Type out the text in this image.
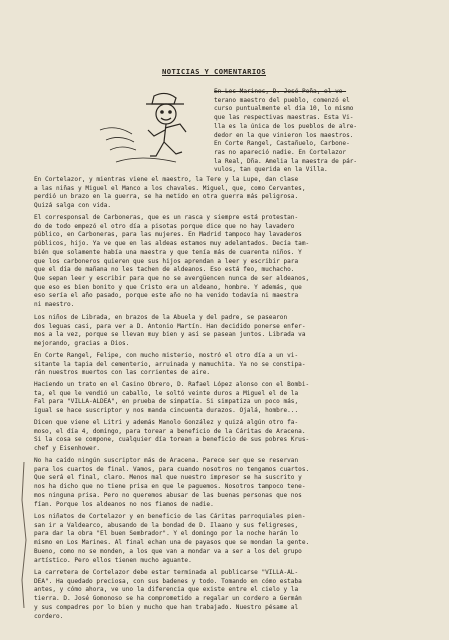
NOTICIAS Y COMENTARIOS
En Los Marines, D. José Peña, el ve-
terano maestro del pueblo, comenzó el
curso puntualmente el día 10, lo mismo
que las respectivas maestras. Esta Vi-
lla es la única de los pueblos de alre-
dedor en la que vinieron los maestros.
En Corte Rangel, Castañuelo, Carbone-
ras no apareció nadie. En Cortelazor
la Real, Dña. Amelia la maestra de pár-
vulos, tan querida en la Villa.
En Cortelazor, y mientras viene el maestro, la Tere y la Lupe, dan clase
a las niñas y Miguel el Manco a los chavales. Miguel, que, como Cervantes,
perdió un brazo en la guerra, se ha metido en otra guerra más peligrosa.
Quizá salga con vida.
El corresponsal de Carboneras, que es un rasca y siempre está protestan-
do de todo empezó el otro día a pisotas porque dice que no hay lavadero
público, en Carboneras, para las mujeres. En Madrid tampoco hay lavaderos
públicos, hijo. Ya ve que en las aldeas estamos muy adelantados. Decía tam-
bién que solamente había una maestra y que tenía más de cuarenta niños. Y
que los carboneros quieren que sus hijos aprendan a leer y escribir para
que el día de mañana no les tachen de aldeanos. Eso está feo, muchacho.
Que sepan leer y escribir para que no se avergüencen nunca de ser aldeanos,
que eso es bien bonito y que Cristo era un aldeano, hombre. Y además, que
eso sería el año pasado, porque este año no ha venido todavía ni maestra
ni maestro.
Los niños de Librada, en brazos de la Abuela y del padre, se pasearon
dos leguas casi, para ver a D. Antonio Martín. Han decidido ponerse enfer-
mos a la vez, porque se llevan muy bien y así se pasean juntos. Librada va
mejorando, gracias a Dios.
En Corte Rangel, Felipe, con mucho misterio, mostró el otro día a un vi-
sitante la tapia del cementerio, arruinada y mamuchita. Ya no se constipa-
rán nuestros muertos con las corrientes de aire.
Haciendo un trato en el Casino Obrero, D. Rafael López alonso con el Bombi-
ta, el que le vendió un caballo, le soltó veinte duros a Miguel el de la
Fal para "VILLA-ALDEA", en prueba de simpatía. Si simpatiza un poco más,
igual se hace suscriptor y nos manda cincuenta durazos. Ojalá, hombre...
Dicen que viene el Litri y además Manolo González y quizá algún otro fa-
moso, el día 4, domingo, para torear a beneficio de la Cáritas de Aracena.
Si la cosa se compone, cualquier día torean a beneficio de sus pobres Krus-
chef y Eisenhower.
No ha caído ningún suscriptor más de Aracena. Parece ser que se reservan
para los cuartos de final. Vamos, para cuando nosotros no tengamos cuartos.
Que será el final, claro. Menos mal que nuestro impresor se ha suscrito y
nos ha dicho que no tiene prisa en que le paguemos. Nosotros tampoco tene-
mos ninguna prisa. Pero no queremos abusar de las buenas personas que nos
fían. Porque los aldeanos no nos fiamos de nadie.
Los niñatos de Cortelazor y en beneficio de las Cáritas parroquiales pien-
san ir a Valdearco, abusando de la bondad de D. Ilaano y sus feligreses,
para dar la obra "El buen Sembrador". Y el domingo por la noche harán lo
mismo en Los Marines. Al final echan una de payasos que se mondan la gente.
Bueno, como no se monden, a los que van a mondar va a ser a los del grupo
artístico. Pero ellos tienen mucho aguante.
La carretera de Cortelazor debe estar terminada al publicarse "VILLA-AL-
DEA". Ha quedado preciosa, con sus badenes y todo. Tomando en cómo estaba
antes, y cómo ahora, ve uno la diferencia que existe entre el cielo y la
tierra. D. José Gomonoso se ha comprometido a regalar un cordero a Germán
y sus compadres por lo bien y mucho que han trabajado. Nuestro pésame al
cordero.
